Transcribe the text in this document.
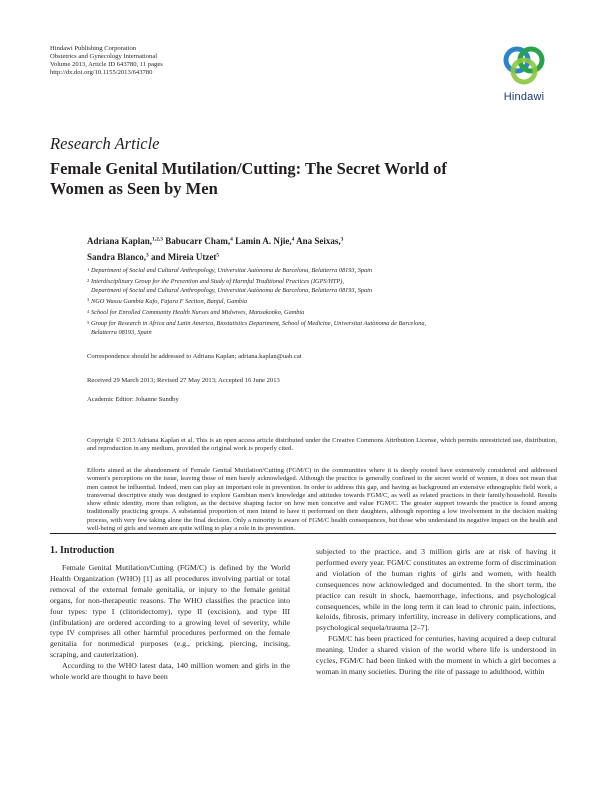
Hindawi Publishing Corporation
Obstetrics and Gynecology International
Volume 2013, Article ID 643780, 11 pages
http://dx.doi.org/10.1155/2013/643780
Hindawi
Research Article
Female Genital Mutilation/Cutting: The Secret World of
Women as Seen by Men
Adriana Kaplan,$^{1,2,3}$ Babucarr Cham,$^4$ Lamin A. Njie,$^4$ Ana Seixas,$^3$
Sandra Blanco,$^3$ and Mireia Utzet$^5$
1 Department of Social and Cultural Anthropology, Universitat Autònoma de Barcelona, Belatterra 08193, Spain
2 Interdisciplinary Group for the Prevention and Study of Harmful Traditional Practices (IGPS/HTP),
Department of Social and Cultural Anthropology, Universitat Autònoma de Barcelona, Belatterra 08193, Spain
3 NGO Wassu Gambia Kafo, Fajara F Section, Banjul, Gambia
4 School for Enrolled Community Health Nurses and Midwives, Mansakonko, Gambia
5 Group for Research in Africa and Latin America, Biostatistics Department, School of Medicine, Universitat Autònoma de Barcelona,
Belatterra 08193, Spain
Correspondence should be addressed to Adriana Kaplan; adriana.kaplan@uab.cat
Received 29 March 2013; Revised 27 May 2013; Accepted 16 June 2013
Academic Editor: Johanne Sundby
Copyright © 2013 Adriana Kaplan et al. This is an open access article distributed under the Creative Commons Attribution License, which permits unrestricted use, distribution, and reproduction in any medium, provided the original work is properly cited.
Efforts aimed at the abandonment of Female Genital Mutilation/Cutting (FGM/C) in the communities where it is deeply rooted have extensively considered and addressed women's perceptions on the issue, leaving those of men barely acknowledged. Although the practice is generally confined to the secret world of women, it does not mean that men cannot be influential. Indeed, men can play an important role in prevention. In order to address this gap, and having as background an extensive ethnographic field work, a transversal descriptive study was designed to explore Gambian men's knowledge and attitudes towards FGM/C, as well as related practices in their family/household. Results show ethnic identity, more than religion, as the decisive shaping factor on how men conceive and value FGM/C. The greater support towards the practice is found among traditionally practicing groups. A substantial proportion of men intend to have it performed on their daughters, although reporting a low involvement in the decision making process, with very few taking alone the final decision. Only a minority is aware of FGM/C health consequences, but those who understand its negative impact on the health and well-being of girls and women are quite willing to play a role in its prevention.
1. Introduction

Female Genital Mutilation/Cutting (FGM/C) is defined by the World Health Organization (WHO) [1] as all procedures involving partial or total removal of the external female genitalia, or injury to the female genital organs, for non-therapeutic reasons. The WHO classifies the practice into four types: type I (clitoridectomy), type II (excision), and type III (infibulation) are ordered according to a growing level of severity, while type IV comprises all other harmful procedures performed on the female genitalia for nonmedical purposes (e.g., pricking, piercing, incising, scraping, and cauterization).

According to the WHO latest data, 140 million women and girls in the whole world are thought to have been

subjected to the practice, and 3 million girls are at risk of having it performed every year. FGM/C constitutes an extreme form of discrimination and violation of the human rights of girls and women, with health consequences now acknowledged and documented. In the short term, the practice can result in shock, haemorrhage, infections, and psychological consequences, while in the long term it can lead to chronic pain, infections, keloids, fibrosis, primary infertility, increase in delivery complications, and psychological sequela/trauma [2–7].

FGM/C has been practiced for centuries, having acquired a deep cultural meaning. Under a shared vision of the world where life is understood in cycles, FGM/C had been linked with the moment in which a girl becomes a woman in many societies. During the rite of passage to adulthood, within
